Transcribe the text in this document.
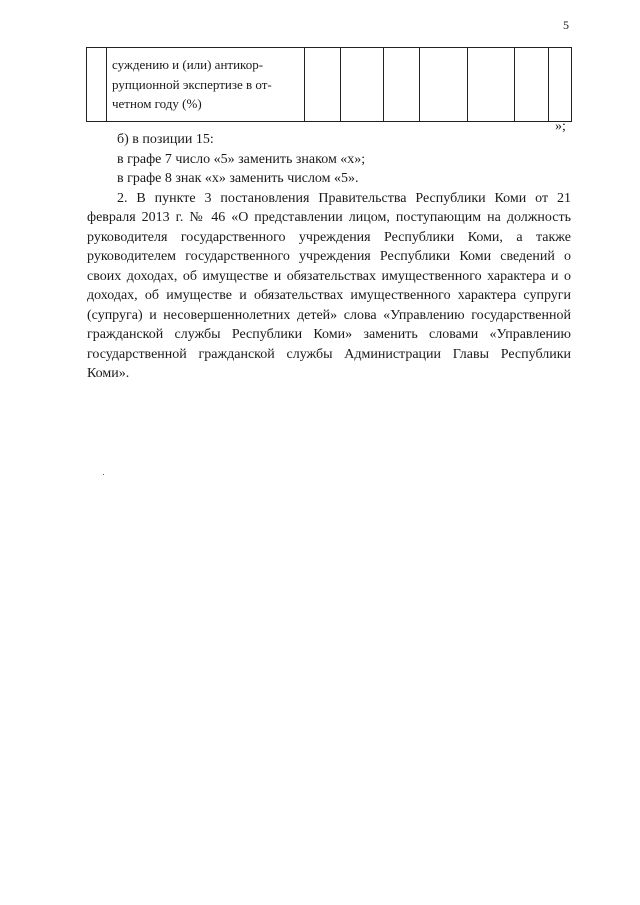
5
	суждению и (или) антикор-рупционной экспертизе в от-четном году (%)							
»;

б) в позиции 15:

в графе 7 число «5» заменить знаком «х»;

в графе 8 знак «х» заменить числом «5».

2. В пункте 3 постановления Правительства Республики Коми от 21 февраля 2013 г. № 46 «О представлении лицом, поступающим на должность руководителя государственного учреждения Республики Коми, а также руководителем государственного учреждения Республики Коми сведений о своих доходах, об имуществе и обязательствах имущественного характера и о доходах, об имуществе и обязательствах имущественного характера супруги (супруга) и несовершеннолетних детей» слова «Управлению государственной гражданской службы Республики Коми» заменить словами «Управлению государственной гражданской службы Администрации Главы Республики Коми».
